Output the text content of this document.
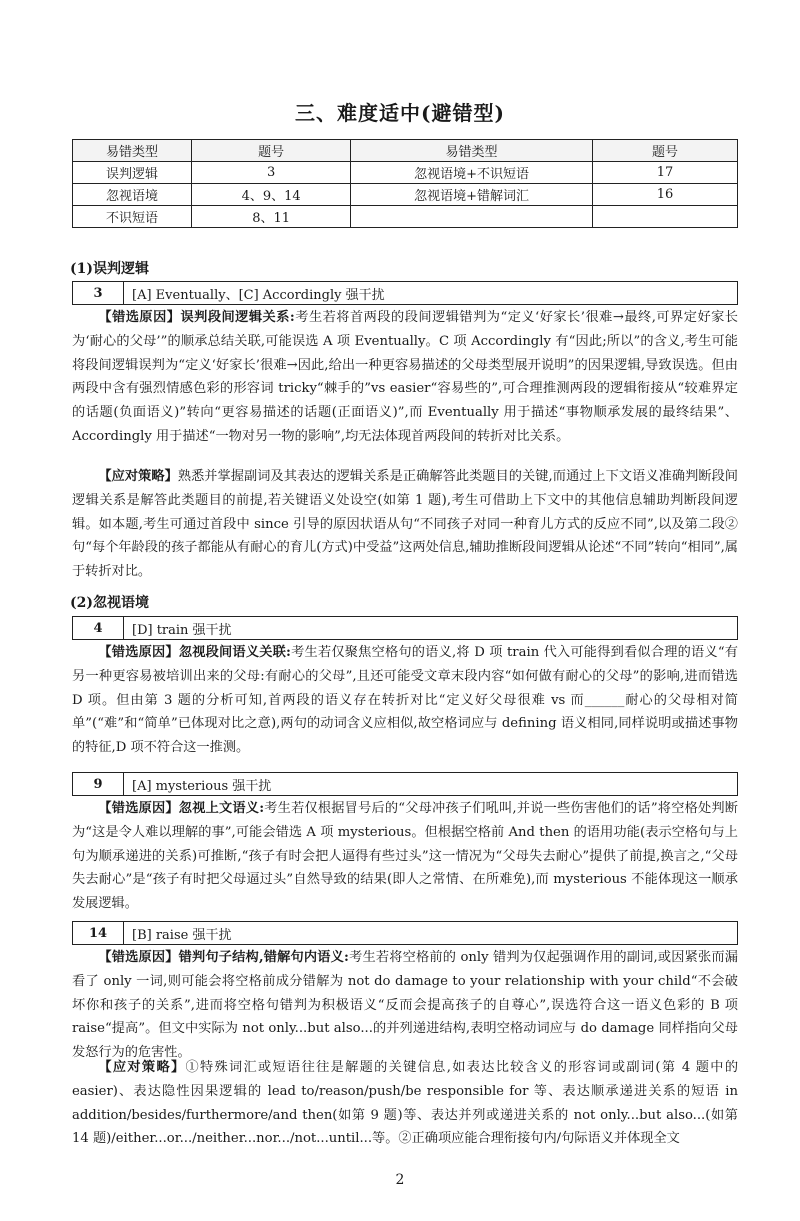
三、难度适中(避错型)
易错类型	题号	易错类型	题号
误判逻辑	3	忽视语境+不识短语	17
忽视语境	4、9、14	忽视语境+错解词汇	16
不识短语	8、11		
(1)误判逻辑
3	[A] Eventually、[C] Accordingly 强干扰

【错选原因】误判段间逻辑关系:考生若将首两段的段间逻辑错判为“定义‘好家长’很难→最终,可界定好家长为‘耐心的父母’”的顺承总结关联,可能误选 A 项 Eventually。C 项 Accordingly 有“因此;所以”的含义,考生可能将段间逻辑误判为“定义‘好家长’很难→因此,给出一种更容易描述的父母类型展开说明”的因果逻辑,导致误选。但由两段中含有强烈情感色彩的形容词 tricky“棘手的”vs easier“容易些的”,可合理推测两段的逻辑衔接从“较难界定的话题(负面语义)”转向“更容易描述的话题(正面语义)”,而 Eventually 用于描述“事物顺承发展的最终结果”、Accordingly 用于描述“一物对另一物的影响”,均无法体现首两段间的转折对比关系。

【应对策略】熟悉并掌握副词及其表达的逻辑关系是正确解答此类题目的关键,而通过上下文语义准确判断段间逻辑关系是解答此类题目的前提,若关键语义处设空(如第 1 题),考生可借助上下文中的其他信息辅助判断段间逻辑。如本题,考生可通过首段中 since 引导的原因状语从句“不同孩子对同一种育儿方式的反应不同”,以及第二段②句“每个年龄段的孩子都能从有耐心的育儿(方式)中受益”这两处信息,辅助推断段间逻辑从论述“不同”转向“相同”,属于转折对比。

(2)忽视语境
4	[D] train 强干扰

【错选原因】忽视段间语义关联:考生若仅聚焦空格句的语义,将 D 项 train 代入可能得到看似合理的语义“有另一种更容易被培训出来的父母:有耐心的父母”,且还可能受文章末段内容“如何做有耐心的父母”的影响,进而错选 D 项。但由第 3 题的分析可知,首两段的语义存在转折对比“定义好父母很难 vs 而______耐心的父母相对简单”(“难”和“简单”已体现对比之意),两句的动词含义应相似,故空格词应与 defining 语义相同,同样说明或描述事物的特征,D 项不符合这一推测。

9	[A] mysterious 强干扰

【错选原因】忽视上文语义:考生若仅根据冒号后的“父母冲孩子们吼叫,并说一些伤害他们的话”将空格处判断为“这是令人难以理解的事”,可能会错选 A 项 mysterious。但根据空格前 And then 的语用功能(表示空格句与上句为顺承递进的关系)可推断,“孩子有时会把人逼得有些过头”这一情况为“父母失去耐心”提供了前提,换言之,“父母失去耐心”是“孩子有时把父母逼过头”自然导致的结果(即人之常情、在所难免),而 mysterious 不能体现这一顺承发展逻辑。

14	[B] raise 强干扰

【错选原因】错判句子结构,错解句内语义:考生若将空格前的 only 错判为仅起强调作用的副词,或因紧张而漏看了 only 一词,则可能会将空格前成分错解为 not do damage to your relationship with your child“不会破坏你和孩子的关系”,进而将空格句错判为积极语义“反而会提高孩子的自尊心”,误选符合这一语义色彩的 B 项 raise“提高”。但文中实际为 not only...but also...的并列递进结构,表明空格动词应与 do damage 同样指向父母发怒行为的危害性。

【应对策略】①特殊词汇或短语往往是解题的关键信息,如表达比较含义的形容词或副词(第 4 题中的 easier)、表达隐性因果逻辑的 lead to/reason/push/be responsible for 等、表达顺承递进关系的短语 in addition/besides/furthermore/and then(如第 9 题)等、表达并列或递进关系的 not only...but also...(如第 14 题)/either...or.../neither...nor.../not...until...等。②正确项应能合理衔接句内/句际语义并体现全文

2
